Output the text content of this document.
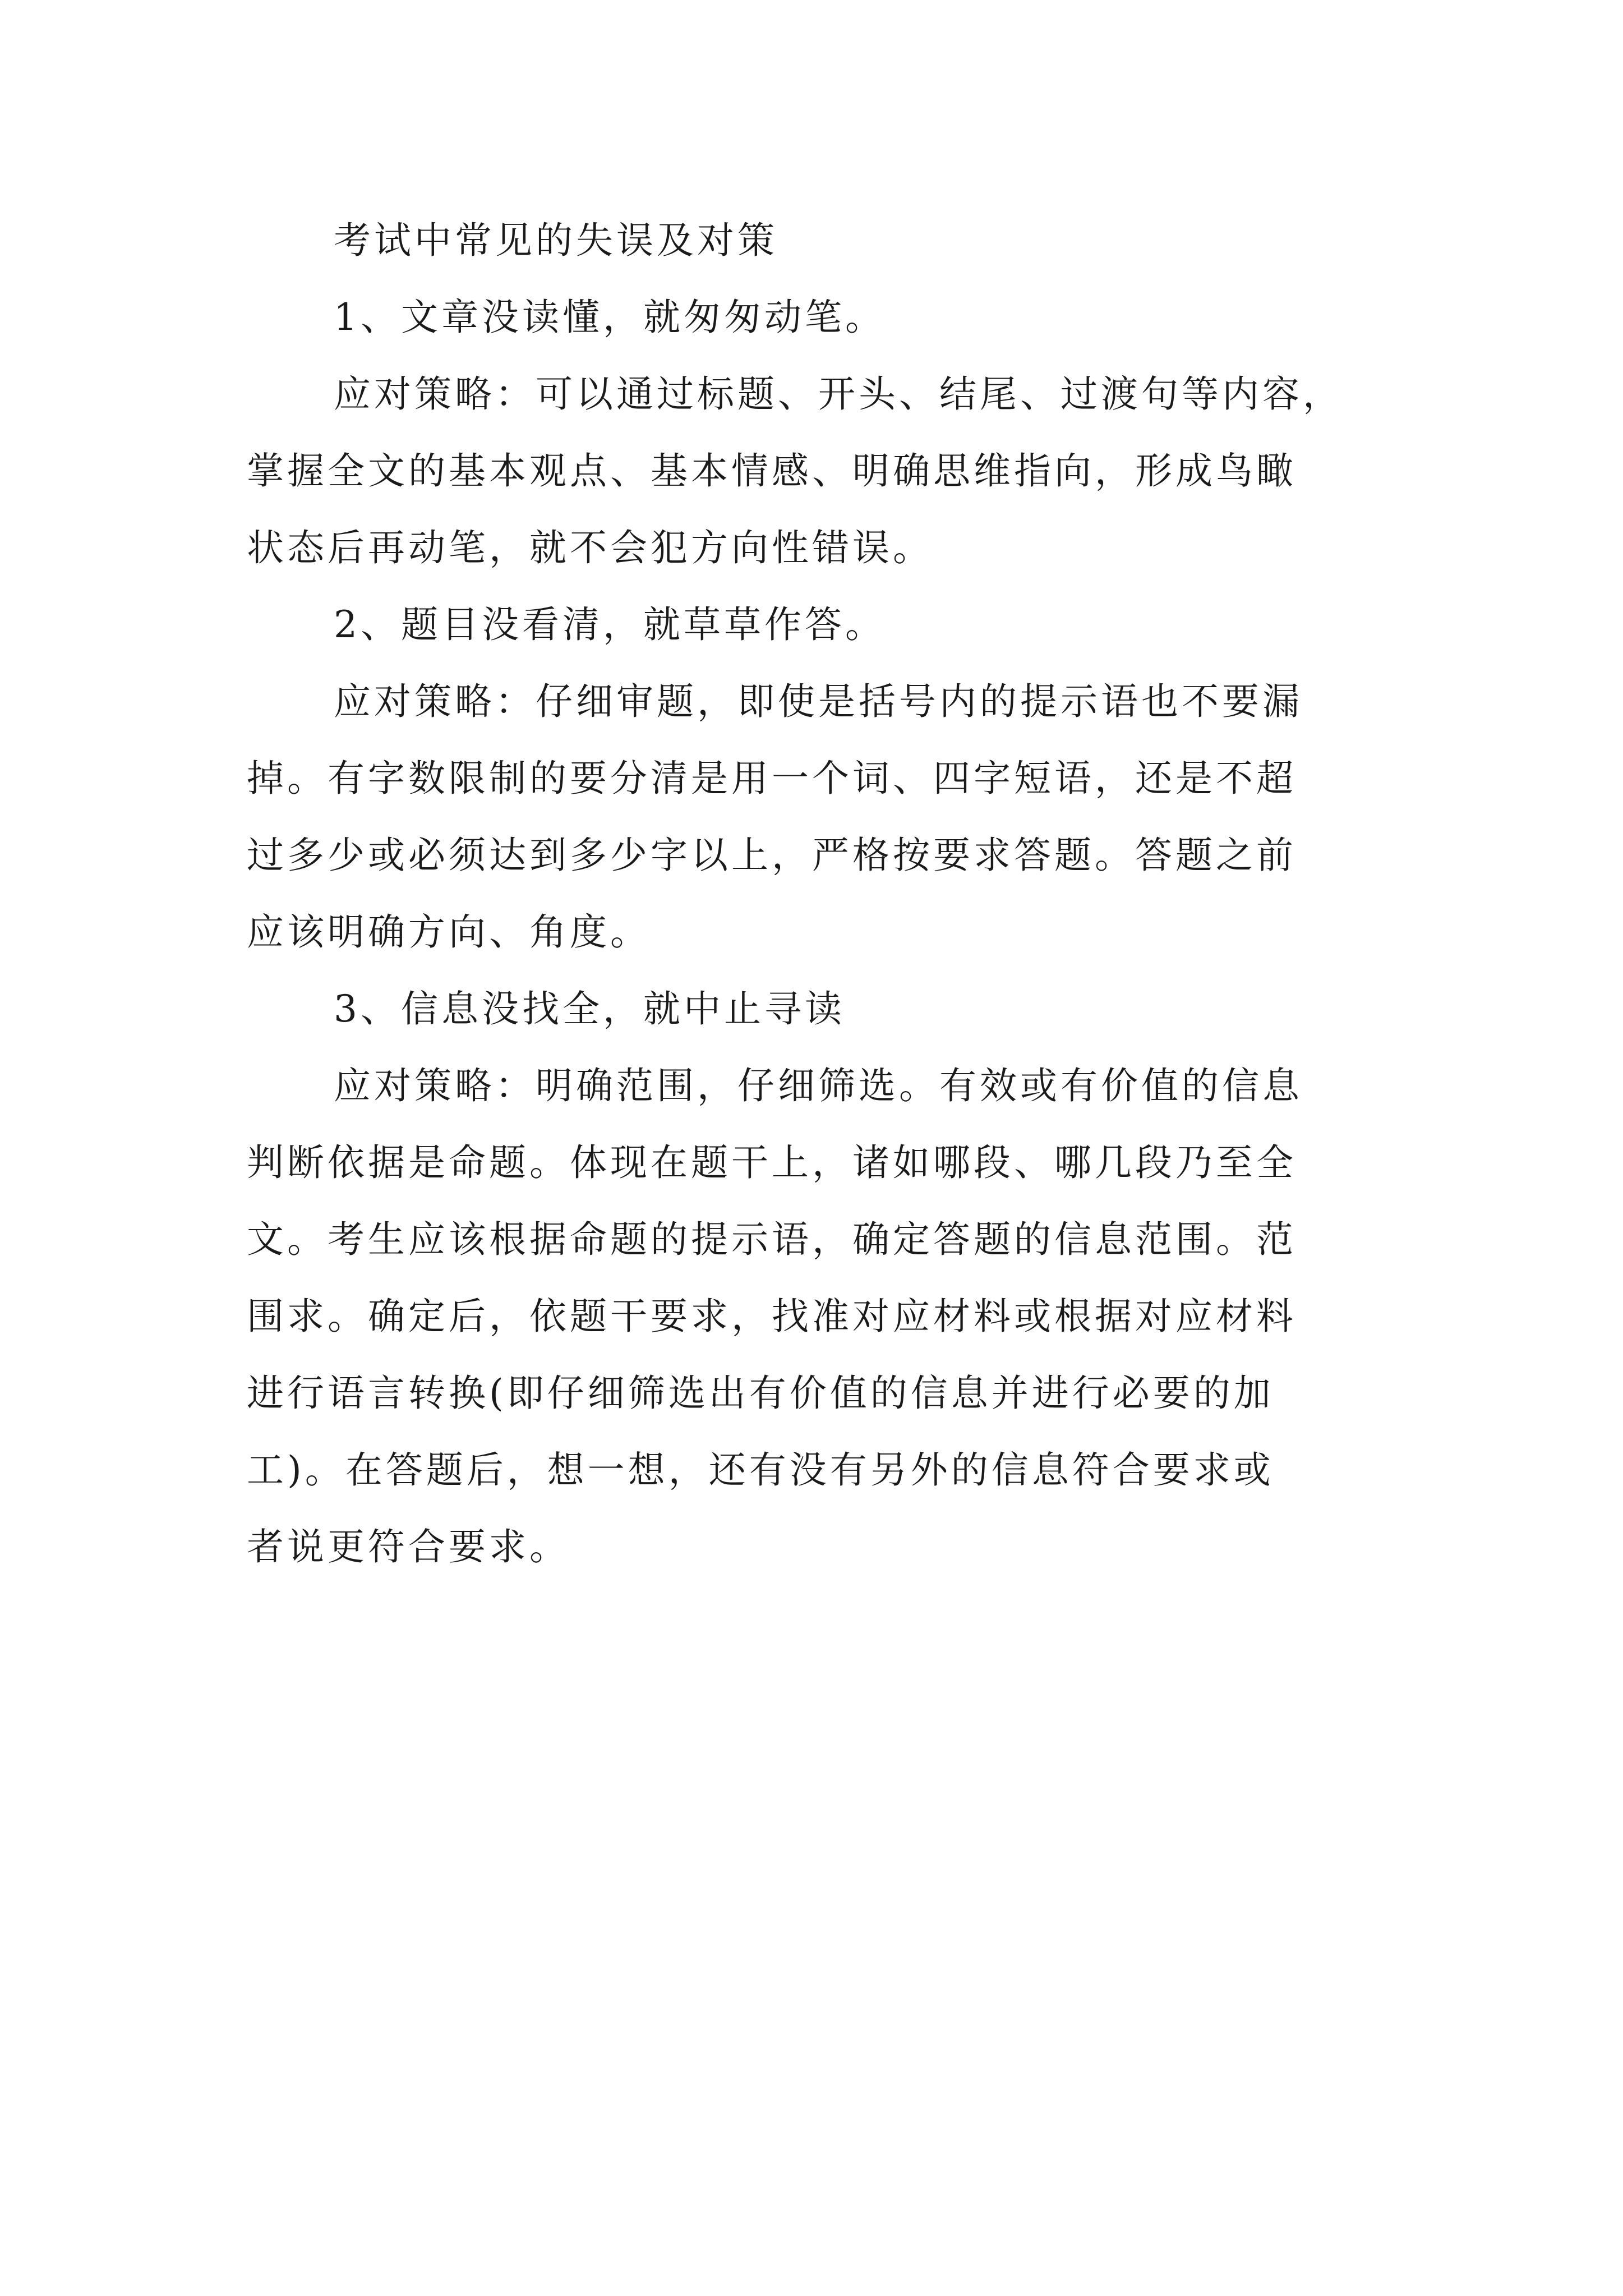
考试中常见的失误及对策
1、文章没读懂，就匆匆动笔。
应对策略：可以通过标题、开头、结尾、过渡句等内容，
掌握全文的基本观点、基本情感、明确思维指向，形成鸟瞰
状态后再动笔，就不会犯方向性错误。
2、题目没看清，就草草作答。
应对策略：仔细审题，即使是括号内的提示语也不要漏
掉。有字数限制的要分清是用一个词、四字短语，还是不超
过多少或必须达到多少字以上，严格按要求答题。答题之前
应该明确方向、角度。
3、信息没找全，就中止寻读
应对策略：明确范围，仔细筛选。有效或有价值的信息
判断依据是命题。体现在题干上，诸如哪段、哪几段乃至全
文。考生应该根据命题的提示语，确定答题的信息范围。范
围求。确定后，依题干要求，找准对应材料或根据对应材料
进行语言转换(即仔细筛选出有价值的信息并进行必要的加
工)。在答题后，想一想，还有没有另外的信息符合要求或
者说更符合要求。
